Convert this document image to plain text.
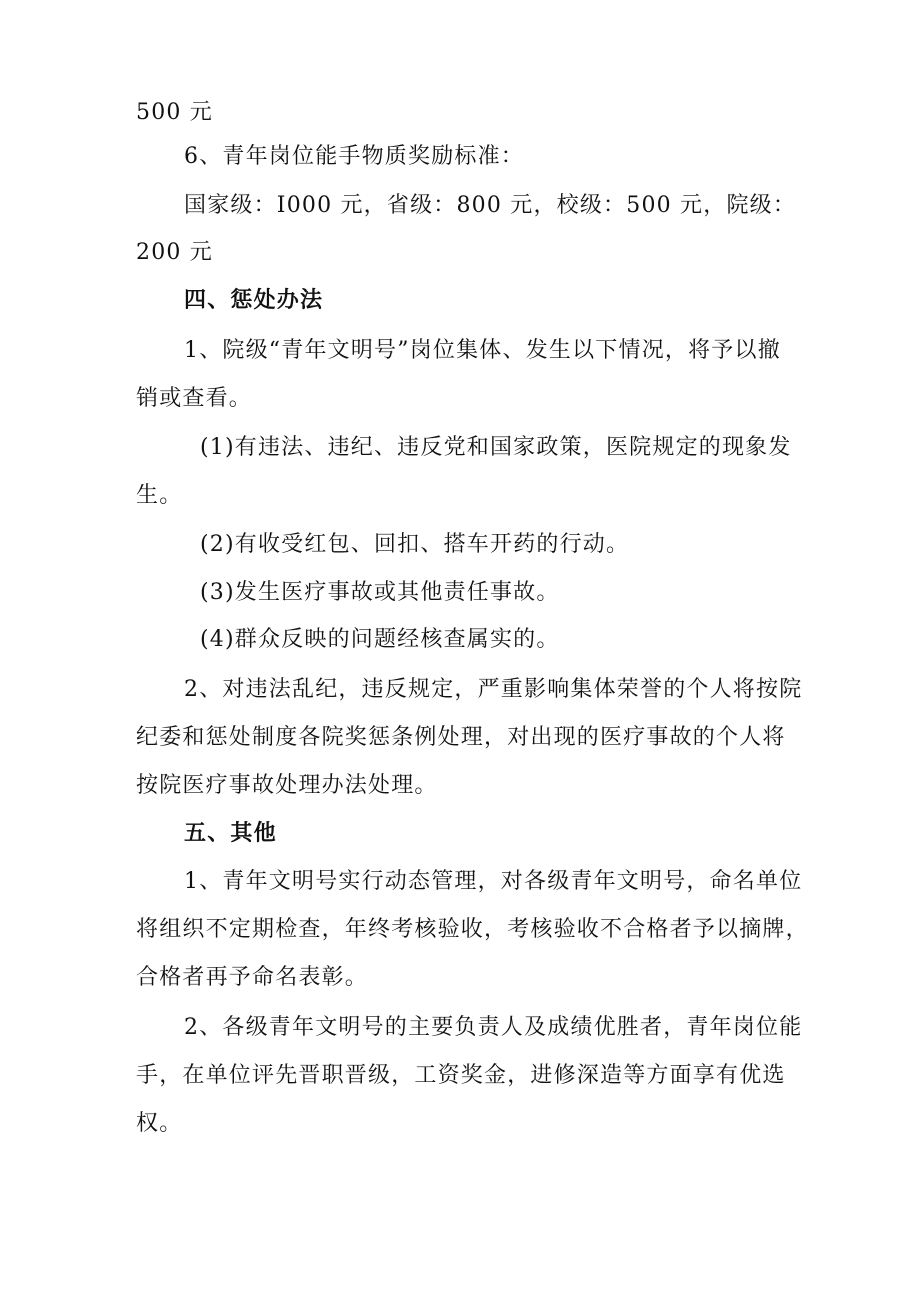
500 元
6、青年岗位能手物质奖励标准：
国家级：I000 元，省级：800 元，校级：500 元，院级：
200 元
四、惩处办法
1、院级“青年文明号”岗位集体、发生以下情况，将予以撤
销或查看。
(1)有违法、违纪、违反党和国家政策，医院规定的现象发
生。
(2)有收受红包、回扣、搭车开药的行动。
(3)发生医疗事故或其他责任事故。
(4)群众反映的问题经核查属实的。
2、对违法乱纪，违反规定，严重影响集体荣誉的个人将按院
纪委和惩处制度各院奖惩条例处理，对出现的医疗事故的个人将
按院医疗事故处理办法处理。
五、其他
1、青年文明号实行动态管理，对各级青年文明号，命名单位
将组织不定期检查，年终考核验收，考核验收不合格者予以摘牌，
合格者再予命名表彰。
2、各级青年文明号的主要负责人及成绩优胜者，青年岗位能
手，在单位评先晋职晋级，工资奖金，进修深造等方面享有优选
权。
